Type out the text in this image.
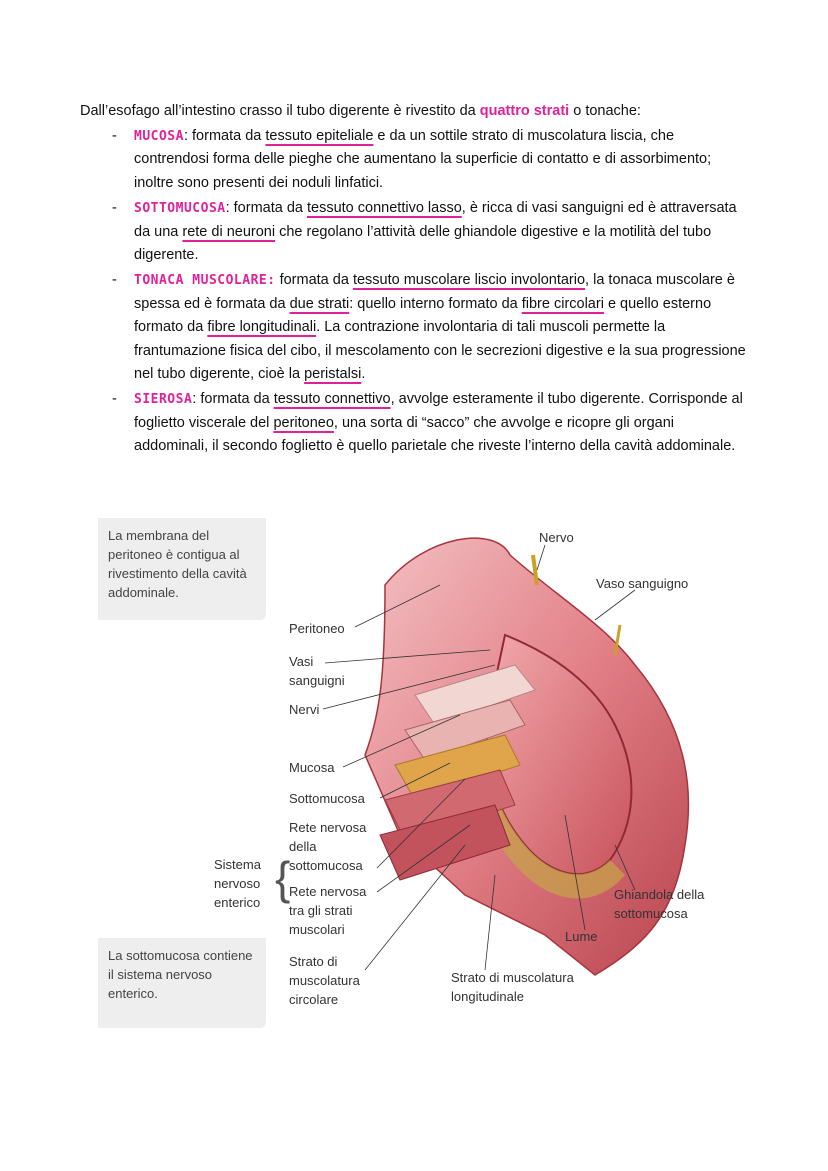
Dall’esofago all’intestino crasso il tubo digerente è rivestito da quattro strati o tonache:

-	MUCOSA: formata da tessuto epiteliale e da un sottile strato di muscolatura liscia, che contrendosi forma delle pieghe che aumentano la superficie di contatto e di assorbimento; inoltre sono presenti dei noduli linfatici.
-	SOTTOMUCOSA: formata da tessuto connettivo lasso, è ricca di vasi sanguigni ed è attraversata da una rete di neuroni che regolano l’attività delle ghiandole digestive e la motilità del tubo digerente.
-	TONACA MUSCOLARE: formata da tessuto muscolare liscio involontario, la tonaca muscolare è spessa ed è formata da due strati: quello interno formato da fibre circolari e quello esterno formato da fibre longitudinali. La contrazione involontaria di tali muscoli permette la frantumazione fisica del cibo, il mescolamento con le secrezioni digestive e la sua progressione nel tubo digerente, cioè la peristalsi.
-	SIEROSA: formata da tessuto connettivo, avvolge esteramente il tubo digerente. Corrisponde al foglietto viscerale del peritoneo, una sorta di “sacco” che avvolge e ricopre gli organi addominali, il secondo foglietto è quello parietale che riveste l’interno della cavità addominale.
La membrana del peritoneo è contigua al rivestimento della cavità addominale.
La sottomucosa contiene il sistema nervoso enterico.
Nervo
Vaso sanguigno
Peritoneo
Vasi sanguigni
Nervi
Mucosa
Sottomucosa
Rete nervosa della sottomucosa
Rete nervosa tra gli strati muscolari
Sistema nervoso enterico {
Strato di muscolatura circolare
Strato di muscolatura longitudinale
Lume
Ghiandola della sottomucosa
